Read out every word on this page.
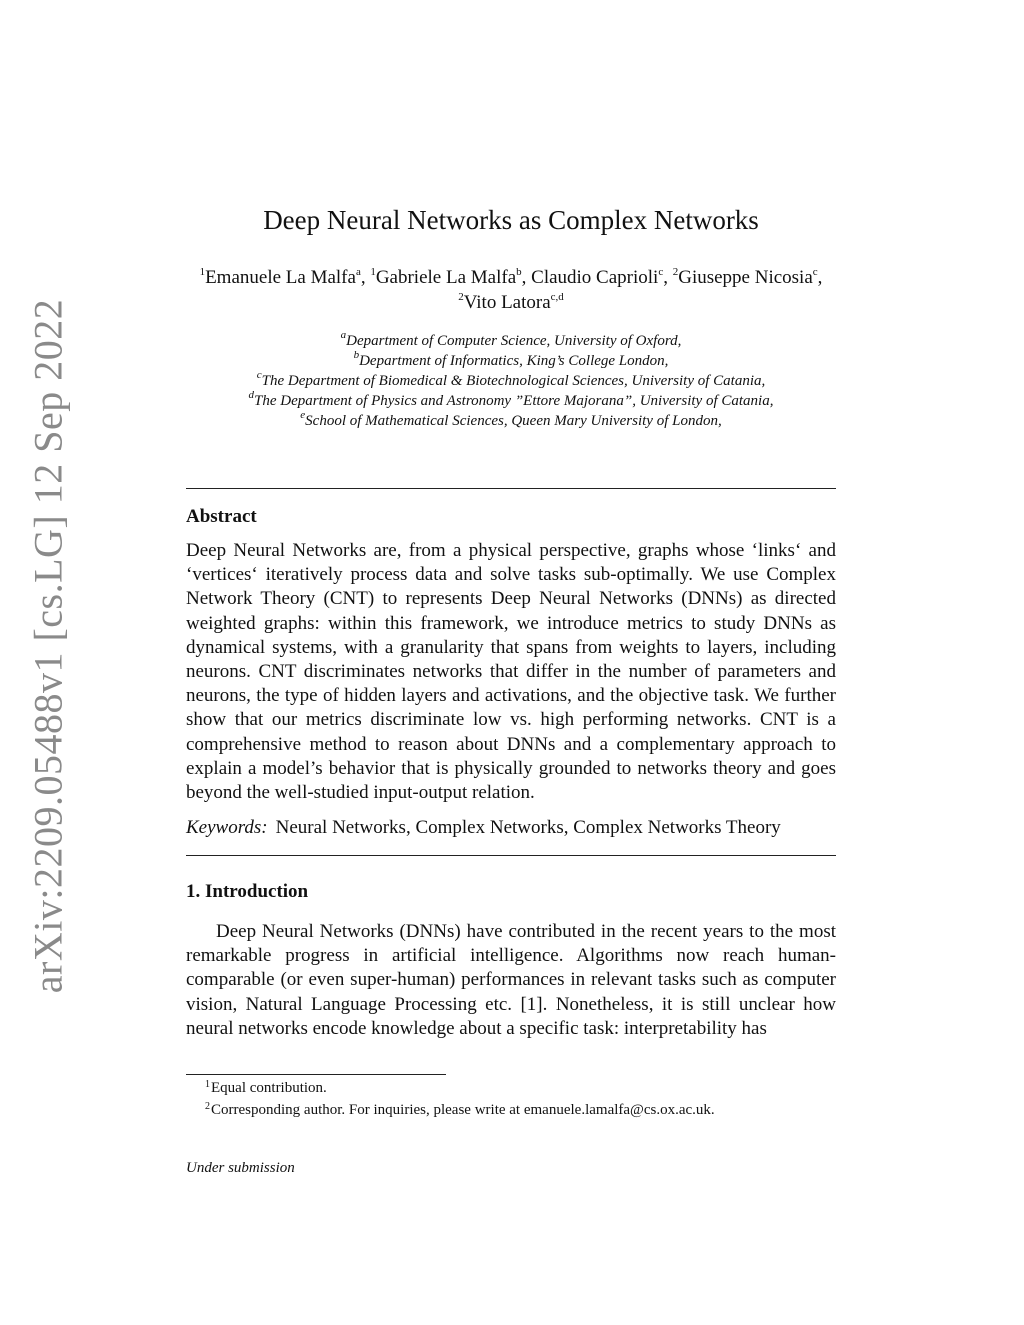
arXiv:2209.05488v1 [cs.LG] 12 Sep 2022
Deep Neural Networks as Complex Networks
$^1$Emanuele La Malfa$^a$, $^1$Gabriele La Malfa$^b$, Claudio Caprioli$^c$, $^2$Giuseppe Nicosia$^c$, $^2$Vito Latora$^{c,d}$
$^a$Department of Computer Science, University of Oxford,
$^b$Department of Informatics, King’s College London,
$^c$The Department of Biomedical & Biotechnological Sciences, University of Catania,
$^d$The Department of Physics and Astronomy ”Ettore Majorana”, University of Catania,
$^e$School of Mathematical Sciences, Queen Mary University of London,
Abstract
Deep Neural Networks are, from a physical perspective, graphs whose ‘links‘ and ‘vertices‘ iteratively process data and solve tasks sub-optimally. We use Complex Network Theory (CNT) to represents Deep Neural Networks (DNNs) as directed weighted graphs: within this framework, we introduce metrics to study DNNs as dynamical systems, with a granularity that spans from weights to layers, including neurons. CNT discriminates networks that differ in the number of parameters and neurons, the type of hidden layers and activations, and the objective task. We further show that our metrics discriminate low vs. high performing networks. CNT is a comprehensive method to reason about DNNs and a complementary approach to explain a model’s behavior that is physically grounded to networks theory and goes beyond the well-studied input-output relation.
Keywords: Neural Networks, Complex Networks, Complex Networks Theory
1. Introduction
Deep Neural Networks (DNNs) have contributed in the recent years to the most remarkable progress in artificial intelligence. Algorithms now reach human-comparable (or even super-human) performances in relevant tasks such as computer vision, Natural Language Processing etc. [1]. Nonetheless, it is still unclear how neural networks encode knowledge about a specific task: interpretability has
$^1$Equal contribution.
$^2$Corresponding author. For inquiries, please write at emanuele.lamalfa@cs.ox.ac.uk.
Under submission
